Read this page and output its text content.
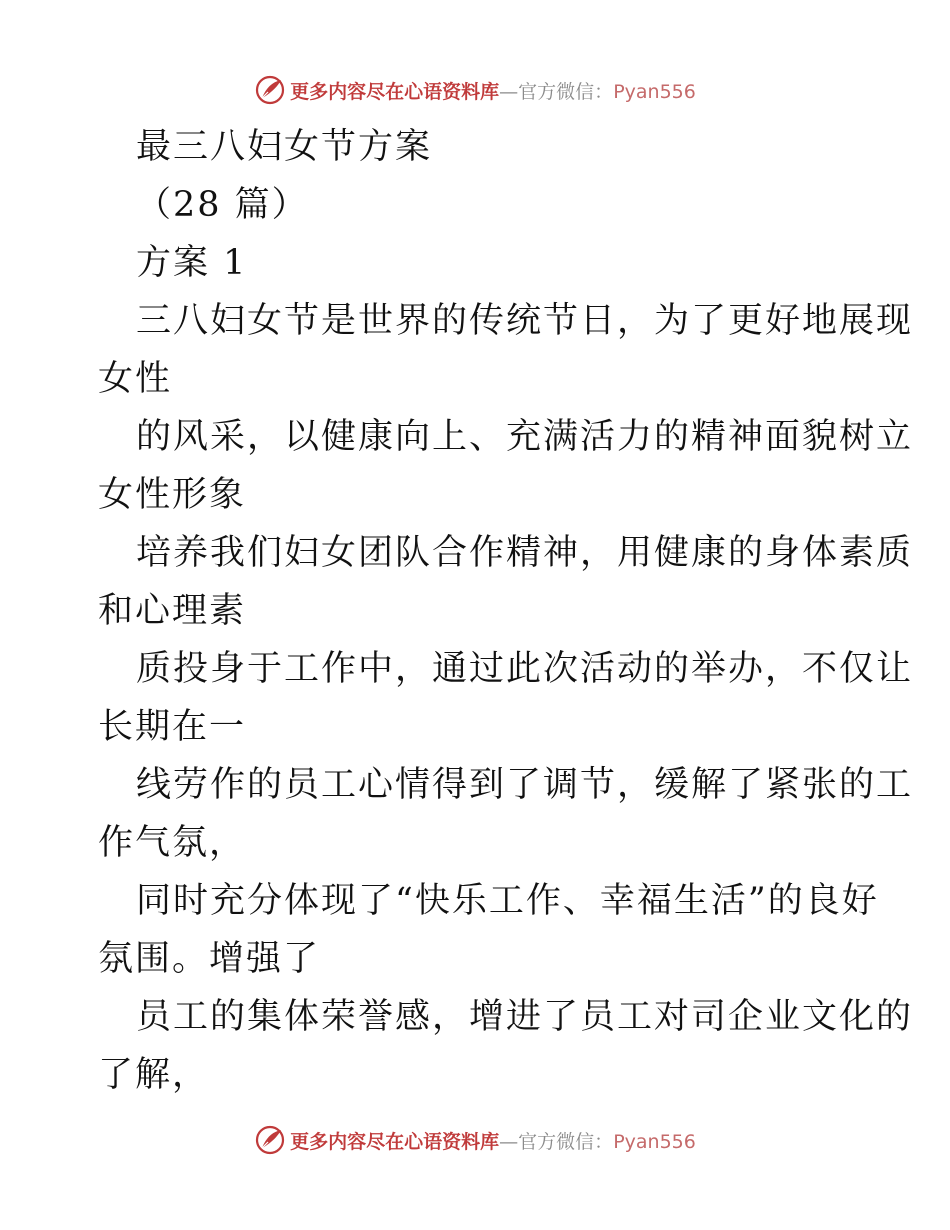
更多内容尽在心语资料库—官方微信：Pyan556
最三八妇女节方案
（28 篇）
方案 1
三八妇女节是世界的传统节日，为了更好地展现
女性
的风采，以健康向上、充满活力的精神面貌树立
女性形象
培养我们妇女团队合作精神，用健康的身体素质
和心理素
质投身于工作中，通过此次活动的举办，不仅让
长期在一
线劳作的员工心情得到了调节，缓解了紧张的工
作气氛，
同时充分体现了“快乐工作、幸福生活”的良好
氛围。增强了
员工的集体荣誉感，增进了员工对司企业文化的
了解，
更多内容尽在心语资料库—官方微信：Pyan556
